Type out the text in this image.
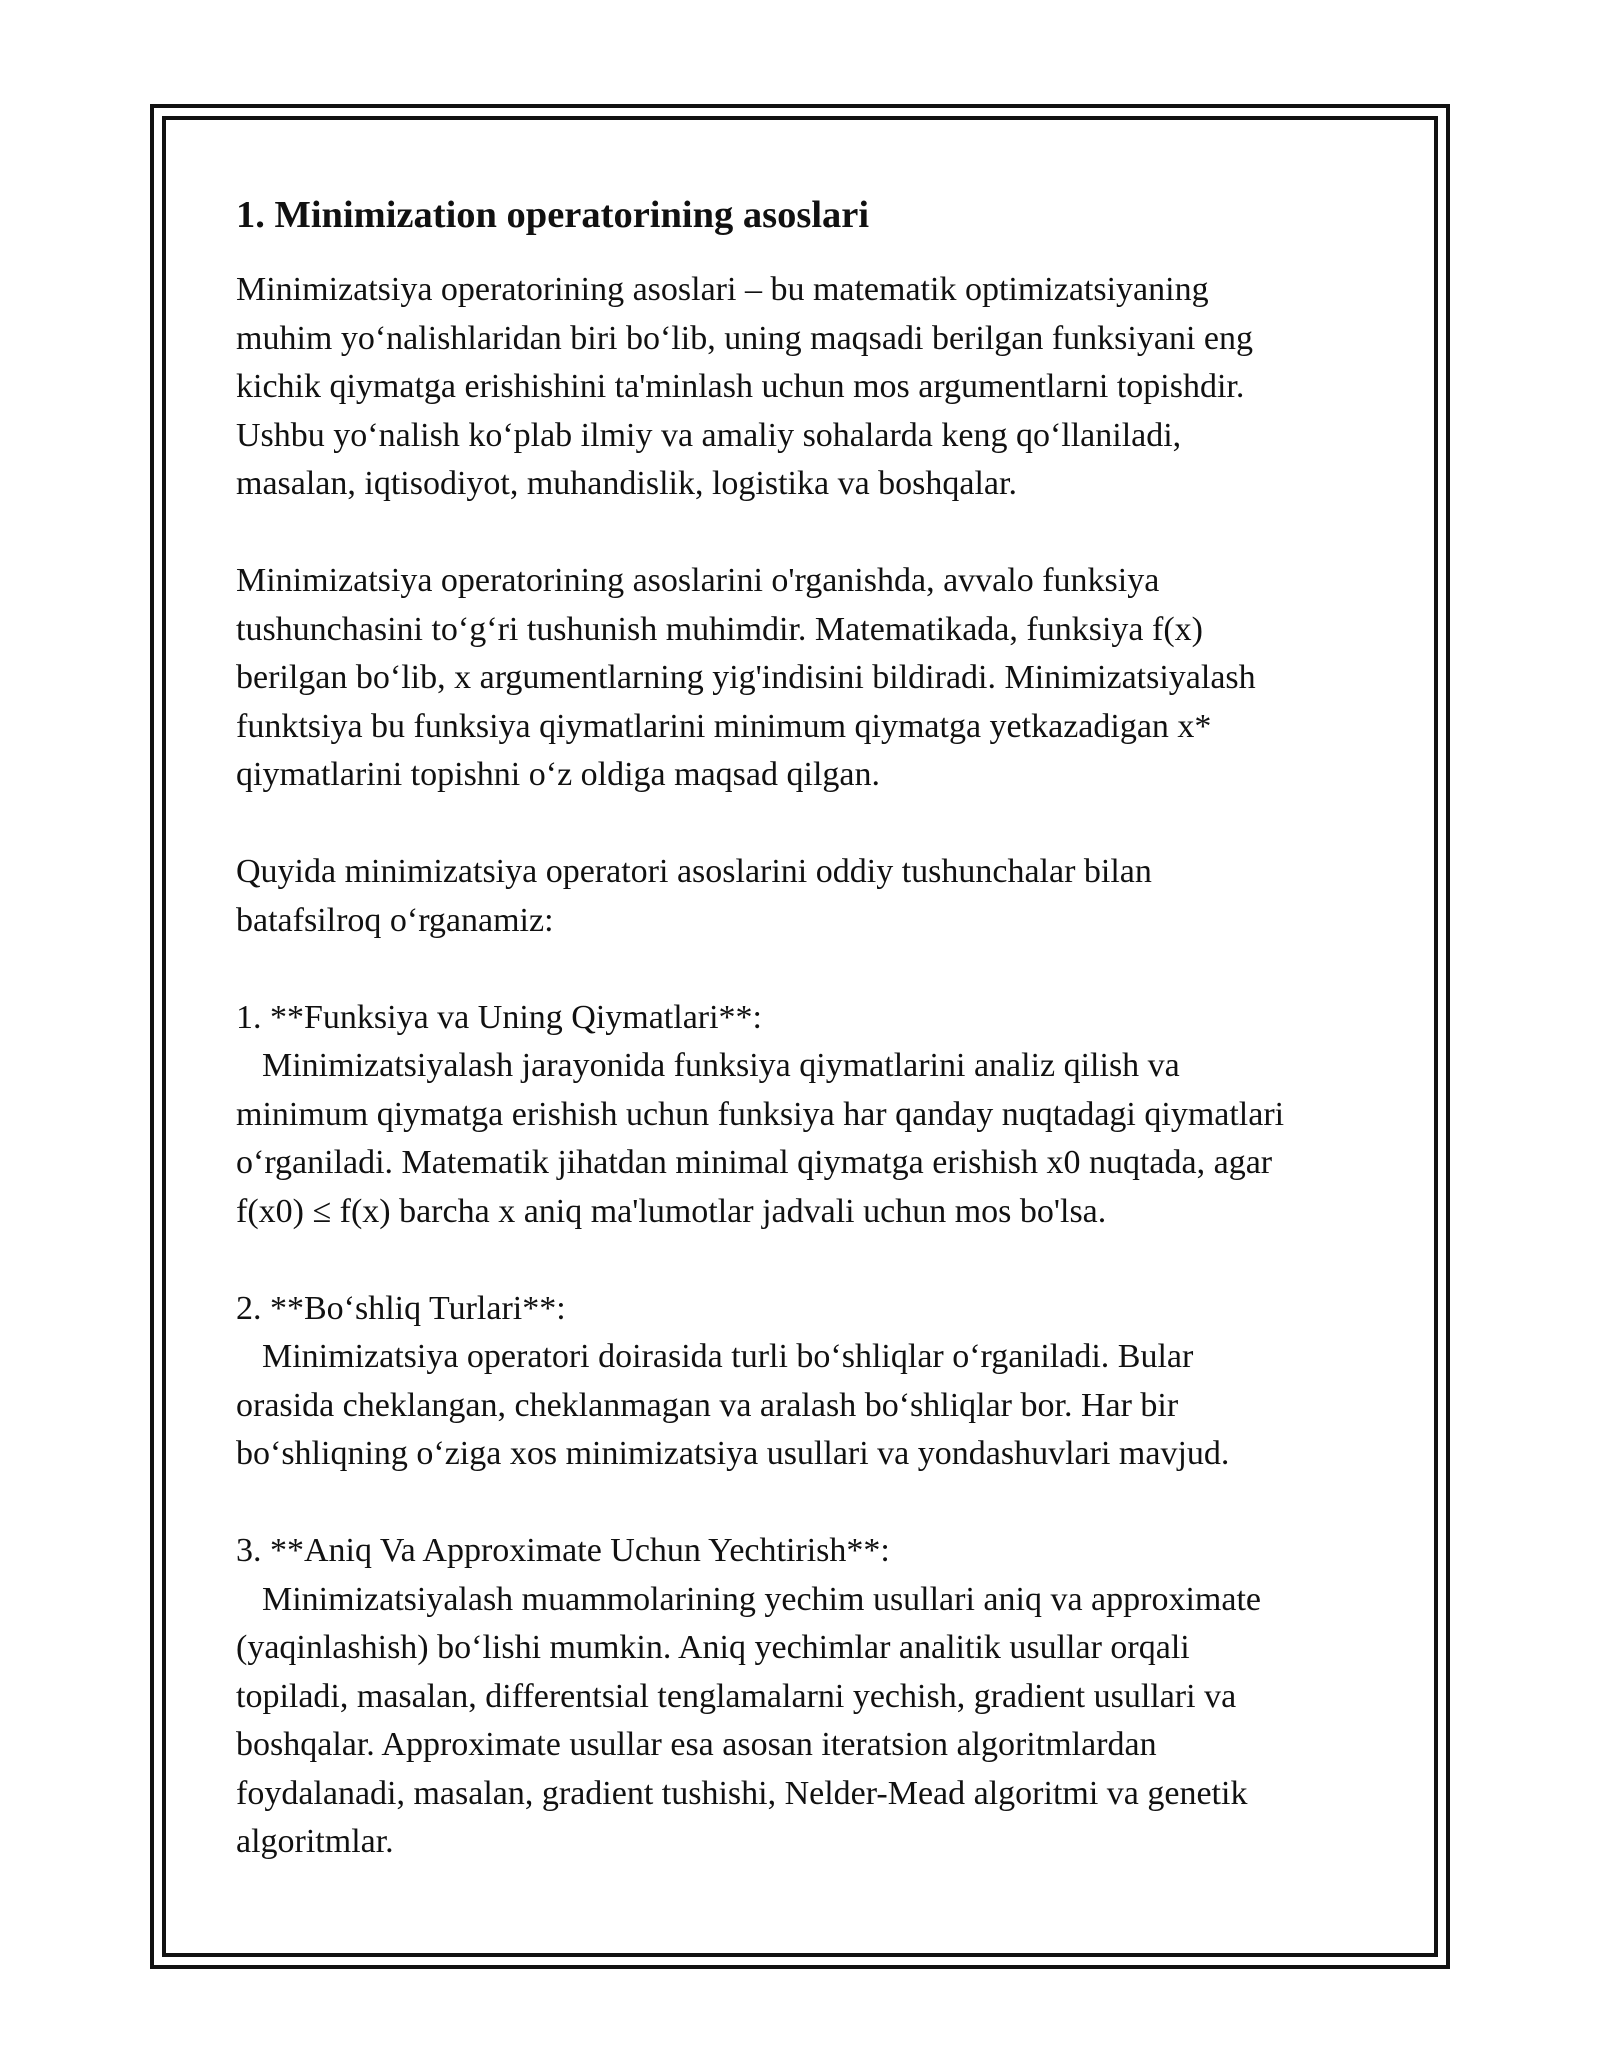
1. Minimization operatorining asoslari

Minimizatsiya operatorining asoslari – bu matematik optimizatsiyaning
muhim yo‘nalishlaridan biri bo‘lib, uning maqsadi berilgan funksiyani eng
kichik qiymatga erishishini ta'minlash uchun mos argumentlarni topishdir.
Ushbu yo‘nalish ko‘plab ilmiy va amaliy sohalarda keng qo‘llaniladi,
masalan, iqtisodiyot, muhandislik, logistika va boshqalar.

Minimizatsiya operatorining asoslarini o'rganishda, avvalo funksiya
tushunchasini to‘g‘ri tushunish muhimdir. Matematikada, funksiya f(x)
berilgan bo‘lib, x argumentlarning yig'indisini bildiradi. Minimizatsiyalash
funktsiya bu funksiya qiymatlarini minimum qiymatga yetkazadigan x*
qiymatlarini topishni o‘z oldiga maqsad qilgan.

Quyida minimizatsiya operatori asoslarini oddiy tushunchalar bilan
batafsilroq o‘rganamiz:

1. **Funksiya va Uning Qiymatlari**:
Minimizatsiyalash jarayonida funksiya qiymatlarini analiz qilish va
minimum qiymatga erishish uchun funksiya har qanday nuqtadagi qiymatlari
o‘rganiladi. Matematik jihatdan minimal qiymatga erishish x0 nuqtada, agar
f(x0) ≤ f(x) barcha x aniq ma'lumotlar jadvali uchun mos bo'lsa.

2. **Bo‘shliq Turlari**:
Minimizatsiya operatori doirasida turli bo‘shliqlar o‘rganiladi. Bular
orasida cheklangan, cheklanmagan va aralash bo‘shliqlar bor. Har bir
bo‘shliqning o‘ziga xos minimizatsiya usullari va yondashuvlari mavjud.

3. **Aniq Va Approximate Uchun Yechtirish**:
Minimizatsiyalash muammolarining yechim usullari aniq va approximate
(yaqinlashish) bo‘lishi mumkin. Aniq yechimlar analitik usullar orqali
topiladi, masalan, differentsial tenglamalarni yechish, gradient usullari va
boshqalar. Approximate usullar esa asosan iteratsion algoritmlardan
foydalanadi, masalan, gradient tushishi, Nelder-Mead algoritmi va genetik
algoritmlar.
